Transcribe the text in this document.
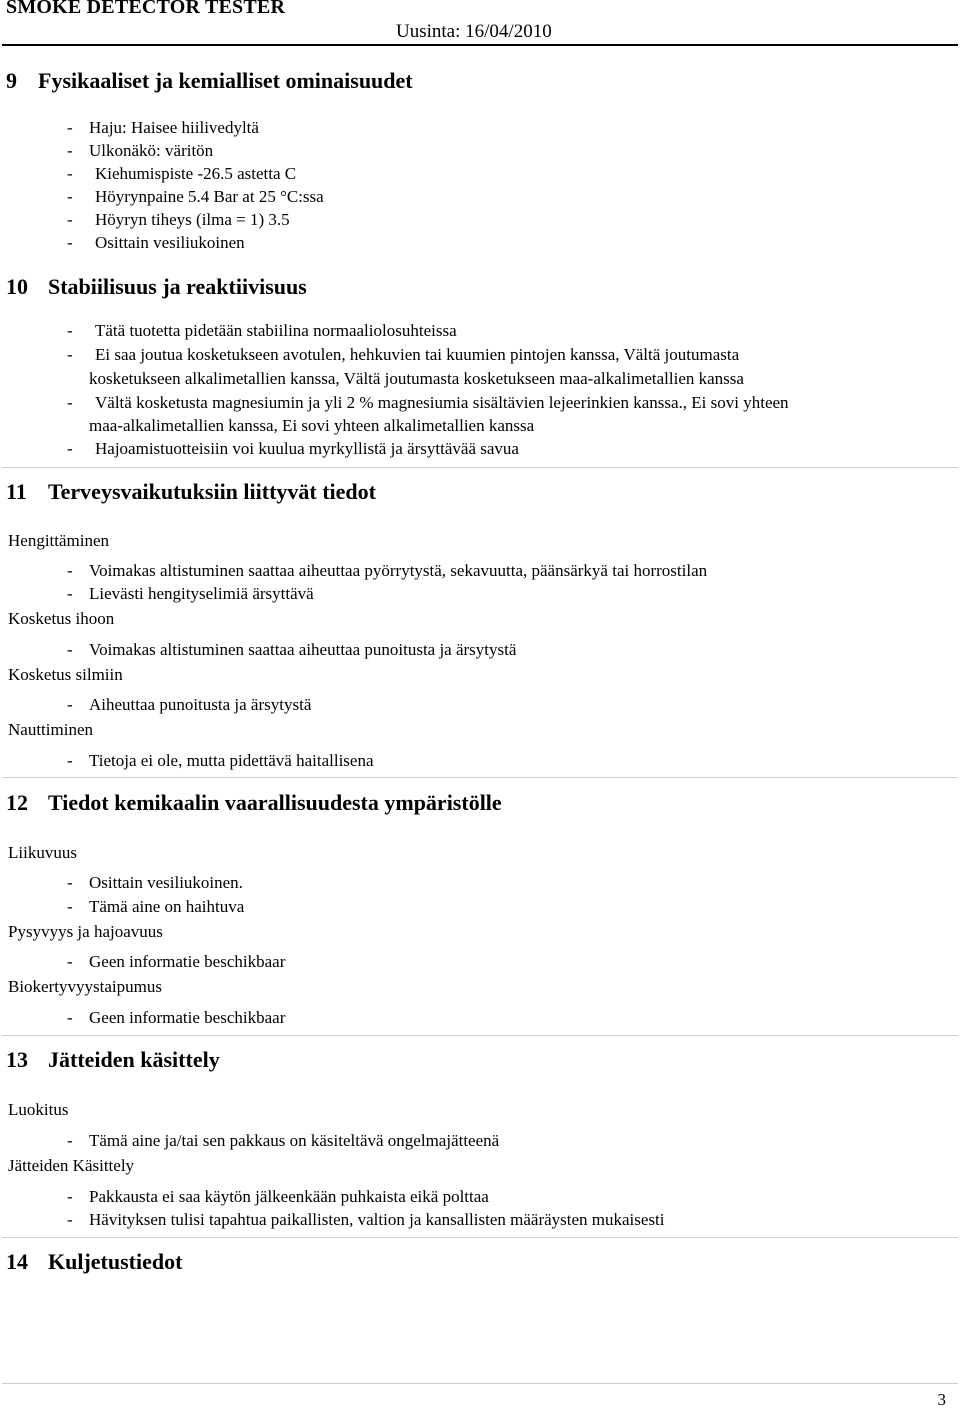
SMOKE DETECTOR TESTER
Uusinta: 16/04/2010
9 Fysikaaliset ja kemialliset ominaisuudet
- Haju: Haisee hiilivedyltä
- Ulkonäkö: väritön
- Kiehumispiste -26.5 astetta C
- Höyrynpaine 5.4 Bar at 25 °C:ssa
- Höyryn tiheys (ilma = 1) 3.5
- Osittain vesiliukoinen
10 Stabiilisuus ja reaktiivisuus
- Tätä tuotetta pidetään stabiilina normaaliolosuhteissa
- Ei saa joutua kosketukseen avotulen, hehkuvien tai kuumien pintojen kanssa, Vältä joutumasta
kosketukseen alkalimetallien kanssa, Vältä joutumasta kosketukseen maa-alkalimetallien kanssa
- Vältä kosketusta magnesiumin ja yli 2 % magnesiumia sisältävien lejeerinkien kanssa., Ei sovi yhteen
maa-alkalimetallien kanssa, Ei sovi yhteen alkalimetallien kanssa
- Hajoamistuotteisiin voi kuulua myrkyllistä ja ärsyttävää savua
11 Terveysvaikutuksiin liittyvät tiedot
Hengittäminen
- Voimakas altistuminen saattaa aiheuttaa pyörrytystä, sekavuutta, päänsärkyä tai horrostilan
- Lievästi hengityselimiä ärsyttävä
Kosketus ihoon
- Voimakas altistuminen saattaa aiheuttaa punoitusta ja ärsytystä
Kosketus silmiin
- Aiheuttaa punoitusta ja ärsytystä
Nauttiminen
- Tietoja ei ole, mutta pidettävä haitallisena
12 Tiedot kemikaalin vaarallisuudesta ympäristölle
Liikuvuus
- Osittain vesiliukoinen.
- Tämä aine on haihtuva
Pysyvyys ja hajoavuus
- Geen informatie beschikbaar
Biokertyvyystaipumus
- Geen informatie beschikbaar
13 Jätteiden käsittely
Luokitus
- Tämä aine ja/tai sen pakkaus on käsiteltävä ongelmajätteenä
Jätteiden Käsittely
- Pakkausta ei saa käytön jälkeenkään puhkaista eikä polttaa
- Hävityksen tulisi tapahtua paikallisten, valtion ja kansallisten määräysten mukaisesti
14 Kuljetustiedot
3
